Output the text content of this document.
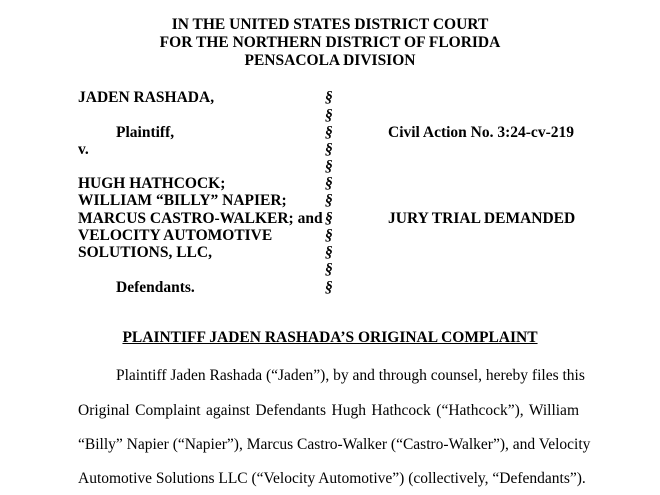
IN THE UNITED STATES DISTRICT COURT
FOR THE NORTHERN DISTRICT OF FLORIDA
PENSACOLA DIVISION
JADEN RASHADA,	§
§
Plaintiff,	§	Civil Action No. 3:24-cv-219
v.	§
§
HUGH HATHCOCK;	§
WILLIAM “BILLY” NAPIER; §
MARCUS CASTRO-WALKER; and §	JURY TRIAL DEMANDED
VELOCITY AUTOMOTIVE	§
SOLUTIONS, LLC,	§
§
Defendants.	§
PLAINTIFF JADEN RASHADA’S ORIGINAL COMPLAINT
Plaintiff Jaden Rashada (“Jaden”), by and through counsel, hereby files this
Original Complaint against Defendants Hugh Hathcock (“Hathcock”), William
“Billy” Napier (“Napier”), Marcus Castro-Walker (“Castro-Walker”), and Velocity
Automotive Solutions LLC (“Velocity Automotive”) (collectively, “Defendants”).
